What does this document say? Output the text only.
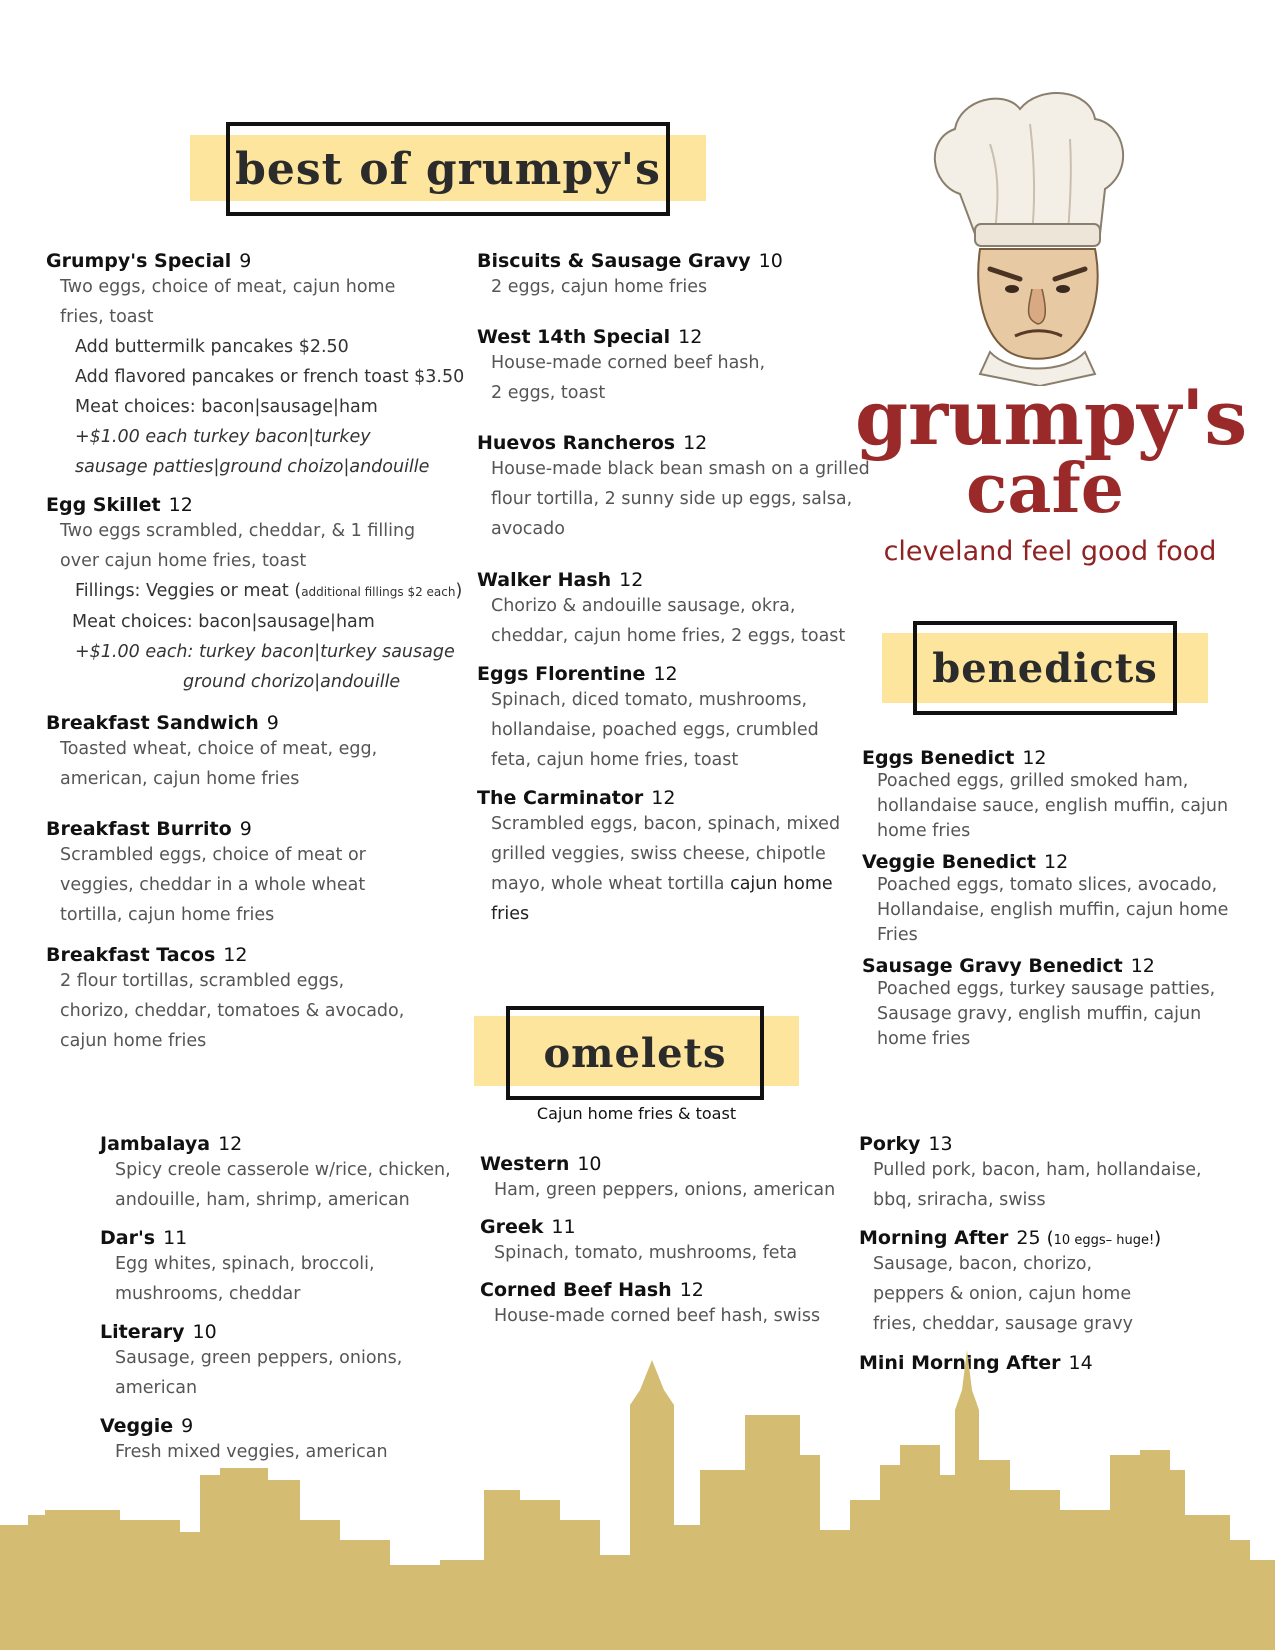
best of grumpy's
Grumpy's Special 9
Two eggs, choice of meat, cajun home
fries, toast
Add buttermilk pancakes $2.50
Add flavored pancakes or french toast $3.50
Meat choices: bacon|sausage|ham
+$1.00 each turkey bacon|turkey
sausage patties|ground choizo|andouille
Egg Skillet 12
Two eggs scrambled, cheddar, & 1 filling
over cajun home fries, toast
Fillings: Veggies or meat (additional fillings $2 each)
Meat choices: bacon|sausage|ham
+$1.00 each: turkey bacon|turkey sausage
ground chorizo|andouille
Breakfast Sandwich 9
Toasted wheat, choice of meat, egg,
american, cajun home fries
Breakfast Burrito 9
Scrambled eggs, choice of meat or
veggies, cheddar in a whole wheat
tortilla, cajun home fries
Breakfast Tacos 12
2 flour tortillas, scrambled eggs,
chorizo, cheddar, tomatoes & avocado,
cajun home fries
Biscuits & Sausage Gravy 10
2 eggs, cajun home fries
West 14th Special 12
House-made corned beef hash,
2 eggs, toast
Huevos Rancheros 12
House-made black bean smash on a grilled
flour tortilla, 2 sunny side up eggs, salsa,
avocado
Walker Hash 12
Chorizo & andouille sausage, okra,
cheddar, cajun home fries, 2 eggs, toast
Eggs Florentine 12
Spinach, diced tomato, mushrooms,
hollandaise, poached eggs, crumbled
feta, cajun home fries, toast
The Carminator 12
Scrambled eggs, bacon, spinach, mixed
grilled veggies, swiss cheese, chipotle
mayo, whole wheat tortilla cajun home
fries
grumpy's
cafe
cleveland feel good food
benedicts
Eggs Benedict 12
Poached eggs, grilled smoked ham,
hollandaise sauce, english muffin, cajun
home fries
Veggie Benedict 12
Poached eggs, tomato slices, avocado,
Hollandaise, english muffin, cajun home
Fries
Sausage Gravy Benedict 12
Poached eggs, turkey sausage patties,
Sausage gravy, english muffin, cajun
home fries
omelets
Cajun home fries & toast
Jambalaya 12
Spicy creole casserole w/rice, chicken,
andouille, ham, shrimp, american
Dar's 11
Egg whites, spinach, broccoli,
mushrooms, cheddar
Literary 10
Sausage, green peppers, onions,
american
Veggie 9
Fresh mixed veggies, american
Western 10
Ham, green peppers, onions, american
Greek 11
Spinach, tomato, mushrooms, feta
Corned Beef Hash 12
House-made corned beef hash, swiss
Porky 13
Pulled pork, bacon, ham, hollandaise,
bbq, sriracha, swiss
Morning After 25 (10 eggs– huge!)
Sausage, bacon, chorizo,
peppers & onion, cajun home
fries, cheddar, sausage gravy
Mini Morning After 14
